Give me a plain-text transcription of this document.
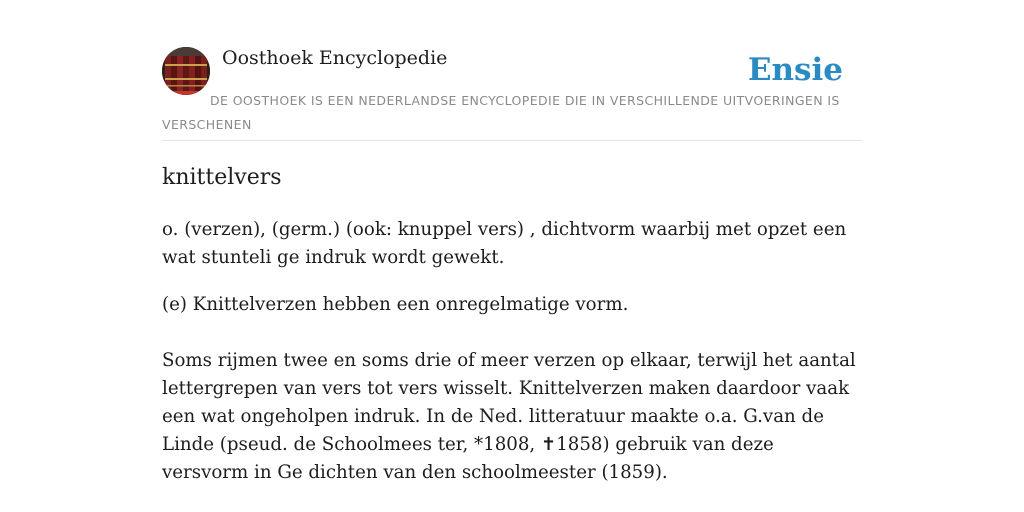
Oosthoek Encyclopedie	Ensie
DE OOSTHOEK IS EEN NEDERLANDSE ENCYCLOPEDIE DIE IN VERSCHILLENDE UITVOERINGEN IS VERSCHENEN
knittelvers

o. (verzen), (germ.) (ook: knuppel vers) , dichtvorm waarbij met opzet een wat stunteli ge indruk wordt gewekt.

(e) Knittelverzen hebben een onregelmatige vorm.

Soms rijmen twee en soms drie of meer verzen op elkaar, terwijl het aantal lettergrepen van vers tot vers wisselt. Knittelverzen maken daardoor vaak een wat ongeholpen indruk. In de Ned. litteratuur maakte o.a. G.van de Linde (pseud. de Schoolmees ter, *1808, ✝1858) gebruik van deze versvorm in Ge dichten van den schoolmeester (1859).
